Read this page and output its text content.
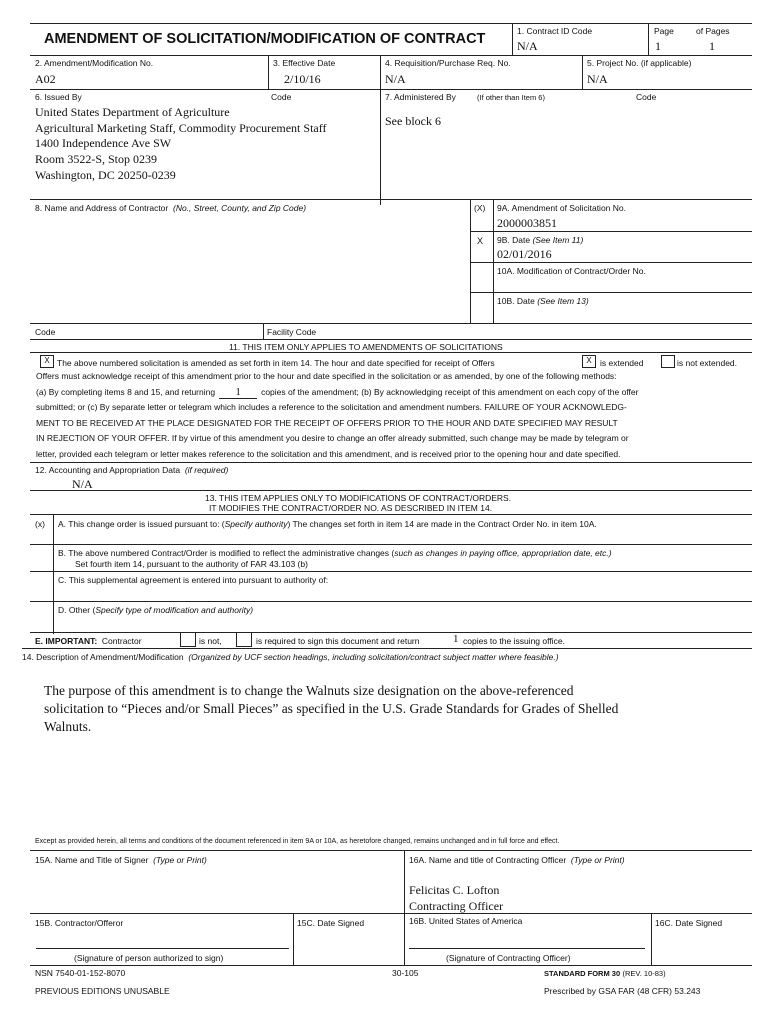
AMENDMENT OF SOLICITATION/MODIFICATION OF CONTRACT	1. Contract ID Code
N/A
Page
1
of Pages
1
2. Amendment/Modification No.
A02
3. Effective Date
2/10/16
4. Requisition/Purchase Req. No.
N/A
5. Project No. (if applicable)
N/A
6. Issued By	Code
United States Department of Agriculture
Agricultural Marketing Staff, Commodity Procurement Staff
1400 Independence Ave SW
Room 3522-S, Stop 0239
Washington, DC 20250-0239
7. Administered By	(If other than Item 6)	Code
See block 6
8. Name and Address of Contractor (No., Street, County, and Zip Code)	(X) 9A. Amendment of Solicitation No.
2000003851
X 9B. Date (See Item 11)
02/01/2016
10A. Modification of Contract/Order No.
10B. Date (See Item 13)
Code	Facility Code
11. THIS ITEM ONLY APPLIES TO AMENDMENTS OF SOLICITATIONS
X The above numbered solicitation is amended as set forth in item 14. The hour and date specified for receipt of Offers	X is extended	is not extended.
Offers must acknowledge receipt of this amendment prior to the hour and date specified in the solicitation or as amended, by one of the following methods:
(a) By completing items 8 and 15, and returning 1 copies of the amendment; (b) By acknowledging receipt of this amendment on each copy of the offer
submitted; or (c) By separate letter or telegram which includes a reference to the solicitation and amendment numbers. FAILURE OF YOUR ACKNOWLEDG-
MENT TO BE RECEIVED AT THE PLACE DESIGNATED FOR THE RECEIPT OF OFFERS PRIOR TO THE HOUR AND DATE SPECIFIED MAY RESULT
IN REJECTION OF YOUR OFFER. If by virtue of this amendment you desire to change an offer already submitted, such change may be made by telegram or
letter, provided each telegram or letter makes reference to the solicitation and this amendment, and is received prior to the opening hour and date specified.
12. Accounting and Appropriation Data (if required)
N/A
13. THIS ITEM APPLIES ONLY TO MODIFICATIONS OF CONTRACT/ORDERS.
IT MODIFIES THE CONTRACT/ORDER NO. AS DESCRIBED IN ITEM 14.
(x) A. This change order is issued pursuant to: (Specify authority) The changes set forth in item 14 are made in the Contract Order No. in item 10A.
B. The above numbered Contract/Order is modified to reflect the administrative changes (such as changes in paying office, appropriation date, etc.)
Set fourth item 14, pursuant to the authority of FAR 43.103 (b)
C. This supplemental agreement is entered into pursuant to authority of:
D. Other (Specify type of modification and authority)
E. IMPORTANT: Contractor	is not,	is required to sign this document and return	1 copies to the issuing office.
14. Description of Amendment/Modification (Organized by UCF section headings, including solicitation/contract subject matter where feasible.)
The purpose of this amendment is to change the Walnuts size designation on the above-referenced
solicitation to “Pieces and/or Small Pieces” as specified in the U.S. Grade Standards for Grades of Shelled
Walnuts.
Except as provided herein, all terms and conditions of the document referenced in item 9A or 10A, as heretofore changed, remains unchanged and in full force and effect.
15A. Name and Title of Signer (Type or Print)	16A. Name and title of Contracting Officer (Type or Print)
Felicitas C. Lofton
Contracting Officer
15B. Contractor/Offeror	15C. Date Signed	16B. United States of America	16C. Date Signed
(Signature of person authorized to sign)	(Signature of Contracting Officer)
NSN 7540-01-152-8070	30-105	STANDARD FORM 30 (REV. 10-83)
PREVIOUS EDITIONS UNUSABLE	Prescribed by GSA FAR (48 CFR) 53.243
